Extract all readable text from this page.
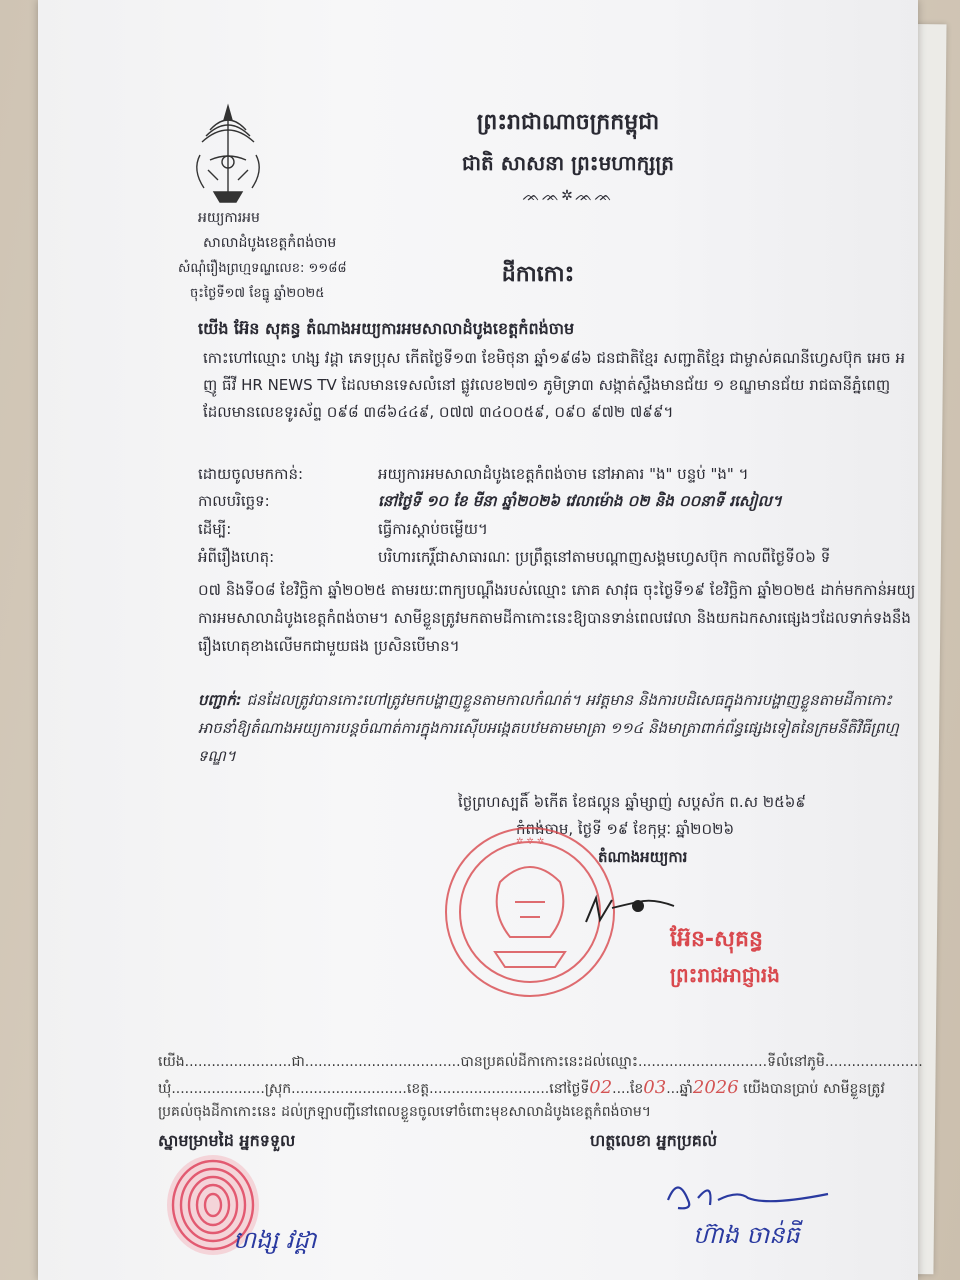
ព្រះរាជាណាចក្រកម្ពុជា
ជាតិ សាសនា ព្រះមហាក្សត្រ
ᨏᨏ✲ᨏᨏ
អយ្យការអម
សាលាដំបូងខេត្តកំពង់ចាម
សំណុំរឿងព្រហ្មទណ្ឌលេខ: ១១៨៨
ចុះថ្ងៃទី១៧ ខែធ្នូ ឆ្នាំ២០២៥
ដីកាកោះ
យើង អ៊ែន សុគន្ធ តំណាងអយ្យការអមសាលាដំបូងខេត្តកំពង់ចាម
កោះហៅឈ្មោះ ហង្ស វដ្ដា ភេទប្រុស កើតថ្ងៃទី១៣ ខែមិថុនា ឆ្នាំ១៩៨៦ ជនជាតិខ្មែរ សញ្ជាតិខ្មែរ ជាម្ចាស់គណនីហ្វេសប៊ុក អេច អ ញូ ធីវី HR NEWS TV ដែលមានទេសលំនៅ ផ្លូវលេខ២៧១ ភូមិទ្រា៣ សង្កាត់ស្ទឹងមានជ័យ ១ ខណ្ឌមានជ័យ រាជធានីភ្នំពេញ ដែលមានលេខទូរស័ព្ទ ០៩៨ ៣៨៦៤៤៩, ០៧៧ ៣៤០០៥៩, ០៩០ ៩៧២ ៧៩៩។
ដោយចូលមកកាន់:	អយ្យការអមសាលាដំបូងខេត្តកំពង់ចាម នៅអាគារ "ង" បន្ទប់ "ង" ។
កាលបរិច្ឆេទ:	នៅថ្ងៃទី ១០ ខែ មីនា ឆ្នាំ២០២៦ វេលាម៉ោង ០២ និង ០០នាទី រសៀល។
ដើម្បី:	ធ្វើការស្តាប់ចម្លើយ។
អំពីរឿងហេតុ:	បរិហារកេរ្តិ៍ជាសាធារណៈ ប្រព្រឹត្តនៅតាមបណ្តាញសង្គមហ្វេសប៊ុក កាលពីថ្ងៃទី០៦ ទី
០៧ និងទី០៨ ខែវិច្ឆិកា ឆ្នាំ២០២៥ តាមរយៈពាក្យបណ្តឹងរបស់ឈ្មោះ ភោគ សាវុធ ចុះថ្ងៃទី១៩ ខែវិច្ឆិកា ឆ្នាំ២០២៥ ដាក់មកកាន់អយ្យការអមសាលាដំបូងខេត្តកំពង់ចាម។ សាមីខ្លួនត្រូវមកតាមដីកាកោះនេះឱ្យបានទាន់ពេលវេលា និងយកឯកសារផ្សេងៗដែលទាក់ទងនឹងរឿងហេតុខាងលើមកជាមួយផង ប្រសិនបើមាន។
បញ្ជាក់: ជនដែលត្រូវបានកោះហៅត្រូវមកបង្ហាញខ្លួនតាមកាលកំណត់។ អវត្តមាន និងការបដិសេធក្នុងការបង្ហាញខ្លួនតាមដីកាកោះ អាចនាំឱ្យតំណាងអយ្យការបន្តចំណាត់ការក្នុងការស៊ើបអង្កេតបឋមតាមមាត្រា ១១៤ និងមាត្រាពាក់ព័ន្ធផ្សេងទៀតនៃក្រមនីតិវិធីព្រហ្មទណ្ឌ។
ថ្ងៃព្រហស្បតិ៍ ៦កើត ខែផល្គុន ឆ្នាំម្សាញ់ សប្តស័ក ព.ស ២៥៦៩
កំពង់ចាម, ថ្ងៃទី ១៩ ខែកុម្ភៈ ឆ្នាំ២០២៦
តំណាងអយ្យការ
✲ ✲ ✲
អ៊ែន-សុគន្ធ
ព្រះរាជអាជ្ញារង
យើង........................ជា...................................បានប្រគល់ដីកាកោះនេះដល់ឈ្មោះ.............................ទីលំនៅភូមិ......................
ឃុំ.....................ស្រុក..........................ខេត្ត...........................នៅថ្ងៃទី02....ខែ03...ឆ្នាំ2026 យើងបានប្រាប់ សាមីខ្លួនត្រូវ
ប្រគល់ចុងដីកាកោះនេះ ដល់ក្រឡាបញ្ជីនៅពេលខ្លួនចូលទៅចំពោះមុខសាលាដំបូងខេត្តកំពង់ចាម។
ស្នាមម្រាមដៃ អ្នកទទួល	ហត្ថលេខា អ្នកប្រគល់
ហង្ស វដ្ដា	ហ៊ាង ចាន់ធី
